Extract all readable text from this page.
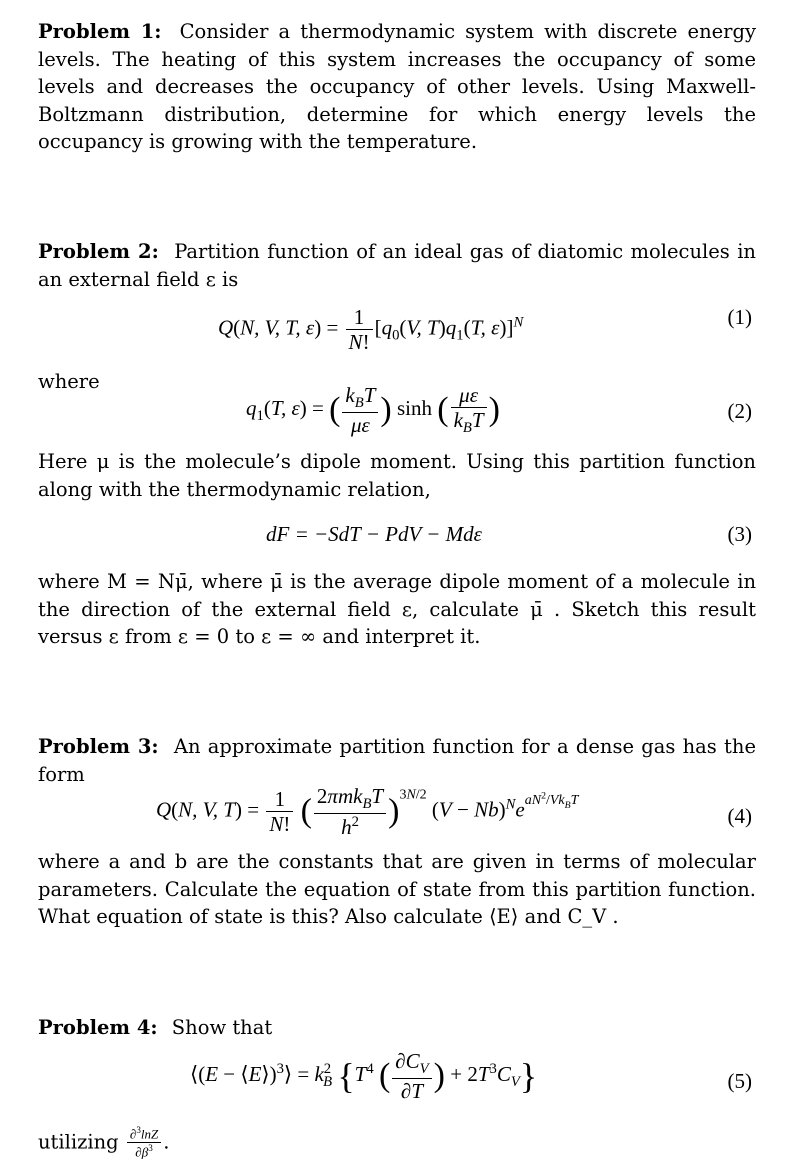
Problem 1: Consider a thermodynamic system with discrete energy levels. The heating of this system increases the occupancy of some levels and decreases the occupancy of other levels. Using Maxwell-Boltzmann distribution, determine for which energy levels the occupancy is growing with the temperature.

Problem 2: Partition function of an ideal gas of diatomic molecules in an external field ε is

Q(N, V, T, $\varepsilon) = \frac{1}{N!} [q_0(V$, $T)q_1(T$, ε)]$^N$	(1)

where

$q_1(T$, ε) = ( $\frac{k_BT}{\mu\varepsilon}$ ) sinh ( $\frac{\mu\varepsilon}{k_BT}$ )	(2)

Here μ is the molecule’s dipole moment. Using this partition function along with the thermodynamic relation,

dF = −SdT − PdV − Mdε	(3)

where M = Nμ̄, where μ̄ is the average dipole moment of a molecule in the direction of the external field ε, calculate μ̄ . Sketch this result versus ε from ε = 0 to ε = ∞ and interpret it.

Problem 3: An approximate partition function for a dense gas has the form

Q(N, V, $T) = \frac{1}{N!}$ ( $\frac{2\pi mk_BT}{h^2} )^{3N/2}$ $(V - Nb)^Ne^{aN^2/Vk_BT}$
(4)

where a and b are the constants that are given in terms of molecular parameters. Calculate the equation of state from this partition function. What equation of state is this? Also calculate ⟨E⟩ and C_V .

Problem 4: Show that

⟨(E − ⟨E⟩)$^3$⟩ = $k^2_B$ {$T^4$ ( $\frac{\partial C_V}{\partial T}$ ) + $2T^3C_V$}	(5)

utilizing $\frac{\partial^3\ln Z}{\partial\beta^3}$ .
